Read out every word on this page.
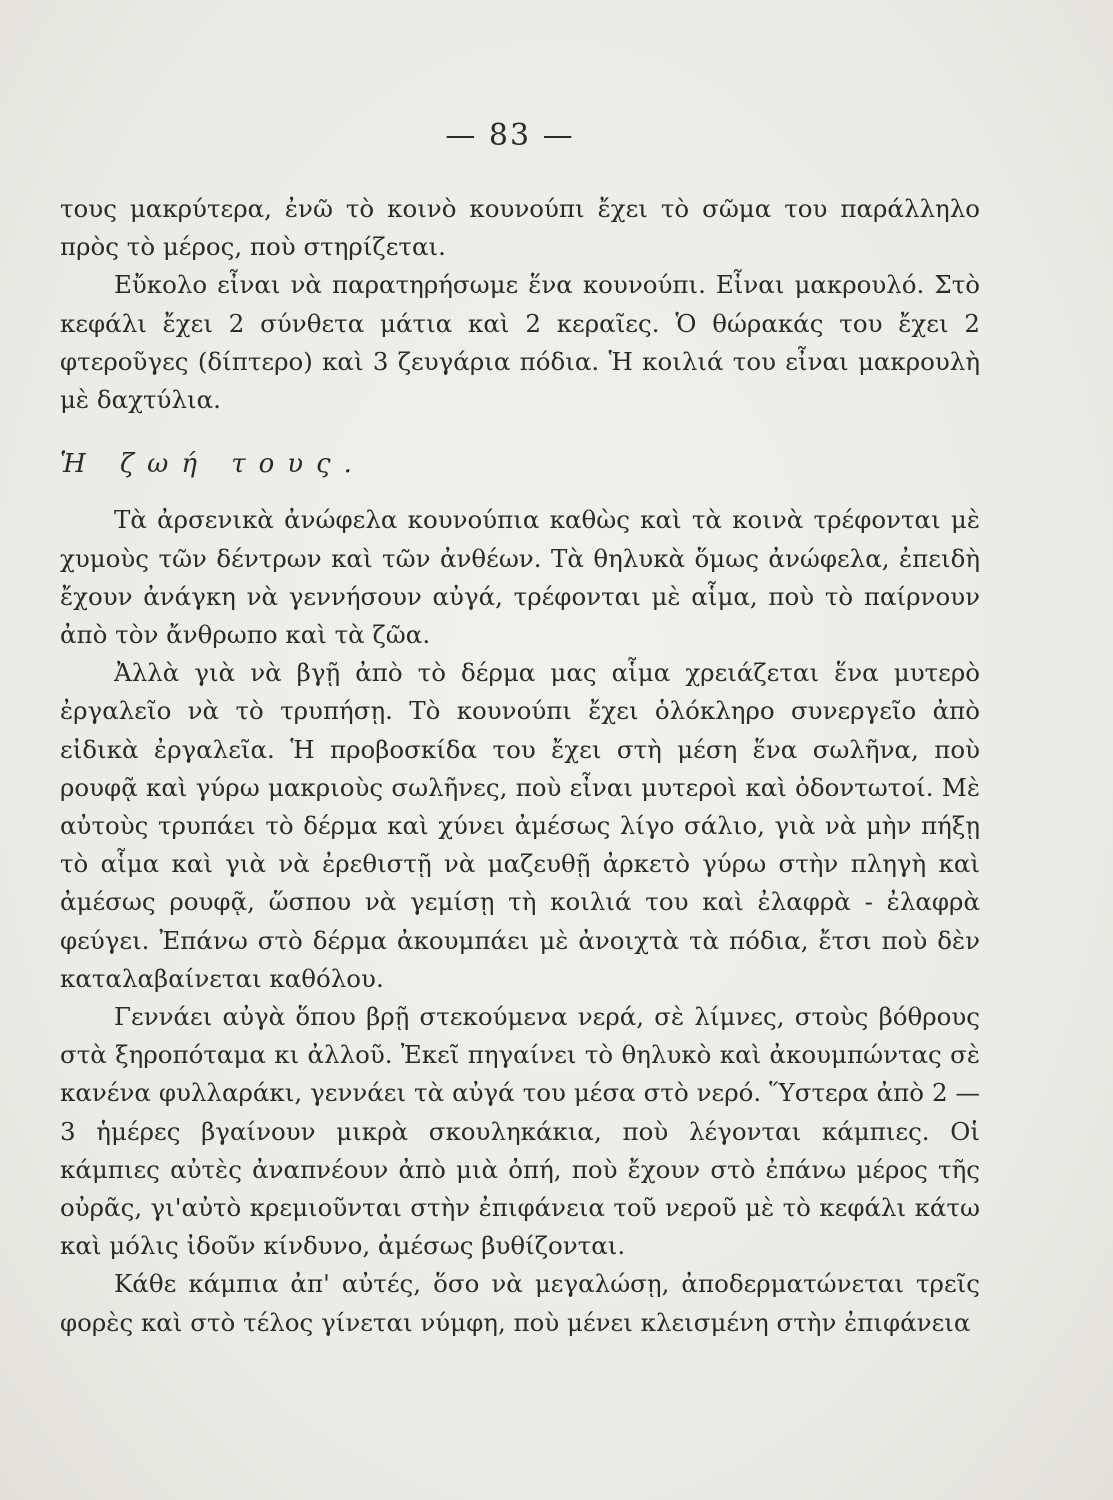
— 83 —

τους μακρύτερα, ἐνῶ τὸ κοινὸ κουνούπι ἔχει τὸ σῶμα του παράλληλο πρὸς τὸ μέρος, ποὺ στηρίζεται.

Εὔκολο εἶναι νὰ παρατηρήσωμε ἕνα κουνούπι. Εἶναι μακρουλό. Στὸ κεφάλι ἔχει 2 σύνθετα μάτια καὶ 2 κεραῖες. Ὁ θώρακάς του ἔχει 2 φτεροῦγες (δίπτερο) καὶ 3 ζευγάρια πόδια. Ἡ κοιλιά του εἶναι μακρουλὴ μὲ δαχτύλια.

Ἡ ζωή τους.

Τὰ ἀρσενικὰ ἀνώφελα κουνούπια καθὼς καὶ τὰ κοινὰ τρέφονται μὲ χυμοὺς τῶν δέντρων καὶ τῶν ἀνθέων. Τὰ θηλυκὰ ὅμως ἀνώφελα, ἐπειδὴ ἔχουν ἀνάγκη νὰ γεννήσουν αὐγά, τρέφονται μὲ αἷμα, ποὺ τὸ παίρνουν ἀπὸ τὸν ἄνθρωπο καὶ τὰ ζῶα.

Ἀλλὰ γιὰ νὰ βγῇ ἀπὸ τὸ δέρμα μας αἷμα χρειάζεται ἕνα μυτερὸ ἐργαλεῖο νὰ τὸ τρυπήσῃ. Τὸ κουνούπι ἔχει ὁλόκληρο συνεργεῖο ἀπὸ εἰδικὰ ἐργαλεῖα. Ἡ προβοσκίδα του ἔχει στὴ μέση ἕνα σωλῆνα, ποὺ ρουφᾷ καὶ γύρω μακριοὺς σωλῆνες, ποὺ εἶναι μυτεροὶ καὶ ὀδοντωτοί. Μὲ αὐτοὺς τρυπάει τὸ δέρμα καὶ χύνει ἀμέσως λίγο σάλιο, γιὰ νὰ μὴν πήξῃ τὸ αἷμα καὶ γιὰ νὰ ἐρεθιστῇ νὰ μαζευθῇ ἀρκετὸ γύρω στὴν πληγὴ καὶ ἀμέσως ρουφᾷ, ὥσπου νὰ γεμίσῃ τὴ κοιλιά του καὶ ἐλαφρὰ - ἐλαφρὰ φεύγει. Ἐπάνω στὸ δέρμα ἀκουμπάει μὲ ἀνοιχτὰ τὰ πόδια, ἔτσι ποὺ δὲν καταλαβαίνεται καθόλου.

Γεννάει αὐγὰ ὅπου βρῇ στεκούμενα νερά, σὲ λίμνες, στοὺς βόθρους στὰ ξηροπόταμα κι ἀλλοῦ. Ἐκεῖ πηγαίνει τὸ θηλυκὸ καὶ ἀκουμπώντας σὲ κανένα φυλλαράκι, γεννάει τὰ αὐγά του μέσα στὸ νερό. Ὕστερα ἀπὸ 2 — 3 ἡμέρες βγαίνουν μικρὰ σκουληκάκια, ποὺ λέγονται κάμπιες. Οἱ κάμπιες αὐτὲς ἀναπνέουν ἀπὸ μιὰ ὀπή, ποὺ ἔχουν στὸ ἐπάνω μέρος τῆς οὐρᾶς, γι'αὐτὸ κρεμιοῦνται στὴν ἐπιφάνεια τοῦ νεροῦ μὲ τὸ κεφάλι κάτω καὶ μόλις ἰδοῦν κίνδυνο, ἀμέσως βυθίζονται.

Κάθε κάμπια ἀπ' αὐτές, ὅσο νὰ μεγαλώσῃ, ἀποδερματώνεται τρεῖς φορὲς καὶ στὸ τέλος γίνεται νύμφη, ποὺ μένει κλεισμένη στὴν ἐπιφάνεια
